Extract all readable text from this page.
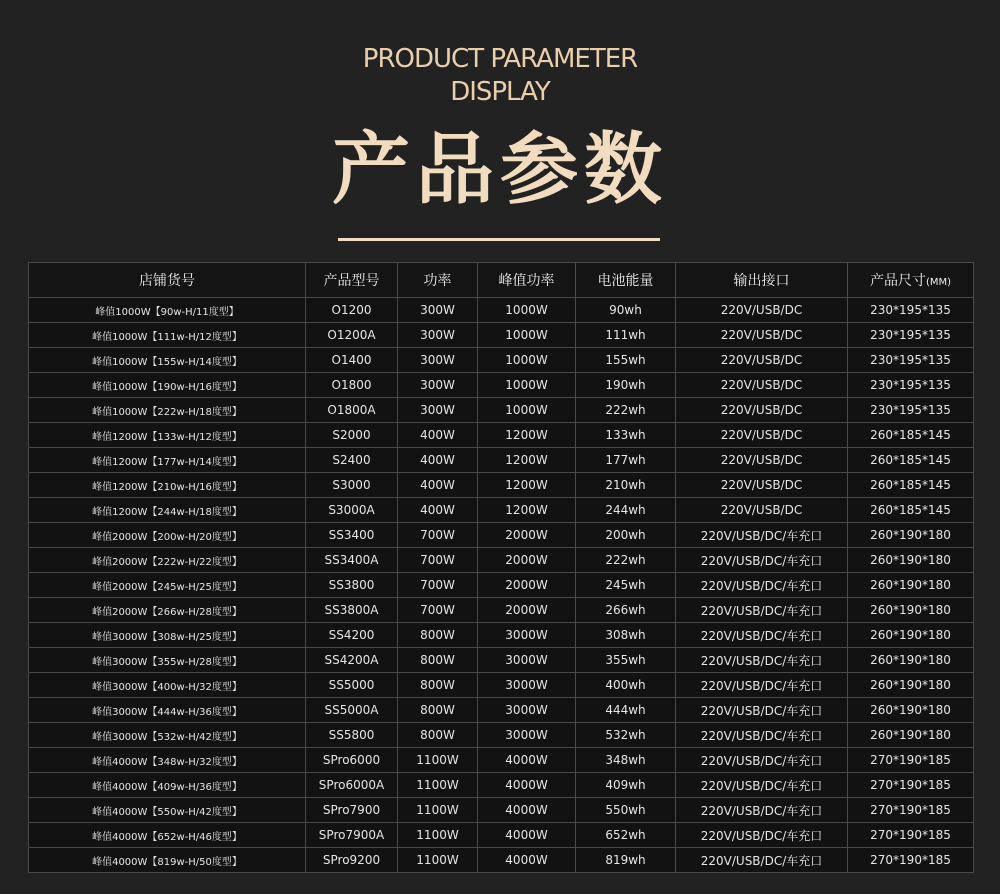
PRODUCT PARAMETER
DISPLAY
产品参数
店铺货号	产品型号	功率	峰值功率	电池能量	输出接口	产品尺寸(MM)
峰值1000W【90w-H/11度型】	O1200	300W	1000W	90wh	220V/USB/DC	230*195*135
峰值1000W【111w-H/12度型】	O1200A	300W	1000W	111wh	220V/USB/DC	230*195*135
峰值1000W【155w-H/14度型】	O1400	300W	1000W	155wh	220V/USB/DC	230*195*135
峰值1000W【190w-H/16度型】	O1800	300W	1000W	190wh	220V/USB/DC	230*195*135
峰值1000W【222w-H/18度型】	O1800A	300W	1000W	222wh	220V/USB/DC	230*195*135
峰值1200W【133w-H/12度型】	S2000	400W	1200W	133wh	220V/USB/DC	260*185*145
峰值1200W【177w-H/14度型】	S2400	400W	1200W	177wh	220V/USB/DC	260*185*145
峰值1200W【210w-H/16度型】	S3000	400W	1200W	210wh	220V/USB/DC	260*185*145
峰值1200W【244w-H/18度型】	S3000A	400W	1200W	244wh	220V/USB/DC	260*185*145
峰值2000W【200w-H/20度型】	SS3400	700W	2000W	200wh	220V/USB/DC/车充口	260*190*180
峰值2000W【222w-H/22度型】	SS3400A	700W	2000W	222wh	220V/USB/DC/车充口	260*190*180
峰值2000W【245w-H/25度型】	SS3800	700W	2000W	245wh	220V/USB/DC/车充口	260*190*180
峰值2000W【266w-H/28度型】	SS3800A	700W	2000W	266wh	220V/USB/DC/车充口	260*190*180
峰值3000W【308w-H/25度型】	SS4200	800W	3000W	308wh	220V/USB/DC/车充口	260*190*180
峰值3000W【355w-H/28度型】	SS4200A	800W	3000W	355wh	220V/USB/DC/车充口	260*190*180
峰值3000W【400w-H/32度型】	SS5000	800W	3000W	400wh	220V/USB/DC/车充口	260*190*180
峰值3000W【444w-H/36度型】	SS5000A	800W	3000W	444wh	220V/USB/DC/车充口	260*190*180
峰值3000W【532w-H/42度型】	SS5800	800W	3000W	532wh	220V/USB/DC/车充口	260*190*180
峰值4000W【348w-H/32度型】	SPro6000	1100W	4000W	348wh	220V/USB/DC/车充口	270*190*185
峰值4000W【409w-H/36度型】	SPro6000A	1100W	4000W	409wh	220V/USB/DC/车充口	270*190*185
峰值4000W【550w-H/42度型】	SPro7900	1100W	4000W	550wh	220V/USB/DC/车充口	270*190*185
峰值4000W【652w-H/46度型】	SPro7900A	1100W	4000W	652wh	220V/USB/DC/车充口	270*190*185
峰值4000W【819w-H/50度型】	SPro9200	1100W	4000W	819wh	220V/USB/DC/车充口	270*190*185
